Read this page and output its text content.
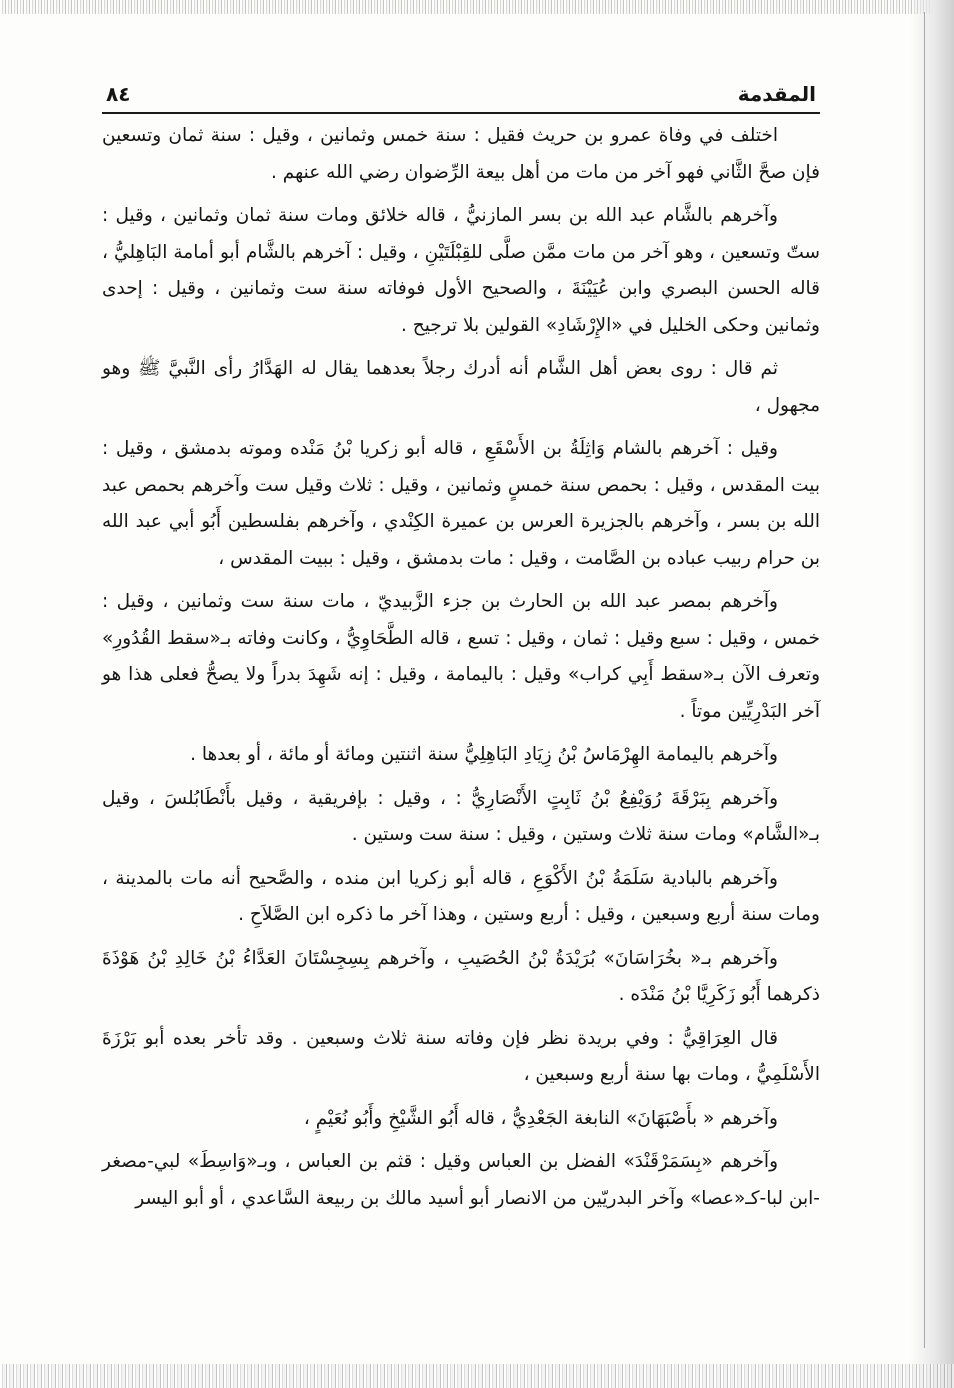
٨٤	المقدمة

اختلف في وفاة عمرو بن حريث فقيل : سنة خمس وثمانين ، وقيل : سنة ثمان وتسعين فإن صحَّ الثَّاني فهو آخر من مات من أهل بيعة الرِّضوان رضي الله عنهم .

وآخرهم بالشَّام عبد الله بن بسر المازنيُّ ، قاله خلائق ومات سنة ثمان وثمانين ، وقيل : ستّ وتسعين ، وهو آخر من مات ممَّن صلَّى للقِبْلَتَيْنِ ، وقيل : آخرهم بالشَّام أبو أمامة البَاهِليُّ ، قاله الحسن البصري وابن عُيَيْنَةَ ، والصحيح الأول فوفاته سنة ست وثمانين ، وقيل : إحدى وثمانين وحكى الخليل في «الإِرْشَادِ» القولين بلا ترجيح .

ثم قال : روى بعض أهل الشَّام أنه أدرك رجلاً بعدهما يقال له الهَدَّارُ رأى النَّبيَّ ﷺ وهو مجهول ،

وقيل : آخرهم بالشام وَاثِلَةُ بن الأَسْقَعِ ، قاله أبو زكريا بْنُ مَنْده وموته بدمشق ، وقيل : بيت المقدس ، وقيل : بحمص سنة خمسٍ وثمانين ، وقيل : ثلاث وقيل ست وآخرهم بحمص عبد الله بن بسر ، وآخرهم بالجزيرة العرس بن عميرة الكِنْدي ، وآخرهم بفلسطين أَبُو أبي عبد الله بن حرام ربيب عباده بن الصَّامت ، وقيل : مات بدمشق ، وقيل : ببيت المقدس ،

وآخرهم بمصر عبد الله بن الحارث بن جزء الزَّبيديّ ، مات سنة ست وثمانين ، وقيل : خمس ، وقيل : سبع وقيل : ثمان ، وقيل : تسع ، قاله الطَّحَاوِيُّ ، وكانت وفاته بـ«سقط القُدُورِ» وتعرف الآن بـ«سقط أَبِي كراب» وقيل : باليمامة ، وقيل : إنه شَهِدَ بدراً ولا يصحُّ فعلى هذا هو آخر البَدْرِيِّين موتاً .

وآخرهم باليمامة الهِرْمَاسُ بْنُ زِيَادِ البَاهِلِيُّ سنة اثنتين ومائة أو مائة ، أو بعدها .

وآخرهم بِبَرْقَةَ رُوَيْفِعُ بْنُ ثَابِتٍ الأَنْصَارِيُّ : ، وقيل : بإفريقية ، وقيل بأَنْطَابُلسَ ، وقيل بـ«الشَّام» ومات سنة ثلاث وستين ، وقيل : سنة ست وستين .

وآخرهم بالبادية سَلَمَةُ بْنُ الأَكْوَعِ ، قاله أبو زكريا ابن منده ، والصَّحيح أنه مات بالمدينة ، ومات سنة أربع وسبعين ، وقيل : أربع وستين ، وهذا آخر ما ذكره ابن الصَّلاَحِ .

وآخرهم بـ« بخُرَاسَانَ» بُرَيْدَةُ بْنُ الحُصَيبِ ، وآخرهم بِسِجِسْتَانَ العَدَّاءُ بْنُ خَالِدِ بْنُ هَوْذَةَ ذكرهما أَبُو زَكَرِيَّا بْنُ مَنْدَه .

قال العِرَاقِيُّ : وفي بريدة نظر فإن وفاته سنة ثلاث وسبعين . وقد تأخر بعده أبو بَرْزَةَ الأَسْلَمِيُّ ، ومات بها سنة أربع وسبعين ،

وآخرهم « بأَصْبَهَانَ» النابغة الجَعْدِيُّ ، قاله أَبُو الشَّيْخِ وأَبُو نُعَيْمٍ ،

وآخرهم «بِسَمَرْقَنْدَ» الفضل بن العباس وقيل : قثم بن العباس ، وبـ«وَاسِطَ» لبي-مصغر -ابن لبا-كـ«عصا» وآخر البدريّين من الانصار أبو أسيد مالك بن ربيعة السَّاعدي ، أو أبو اليسر
